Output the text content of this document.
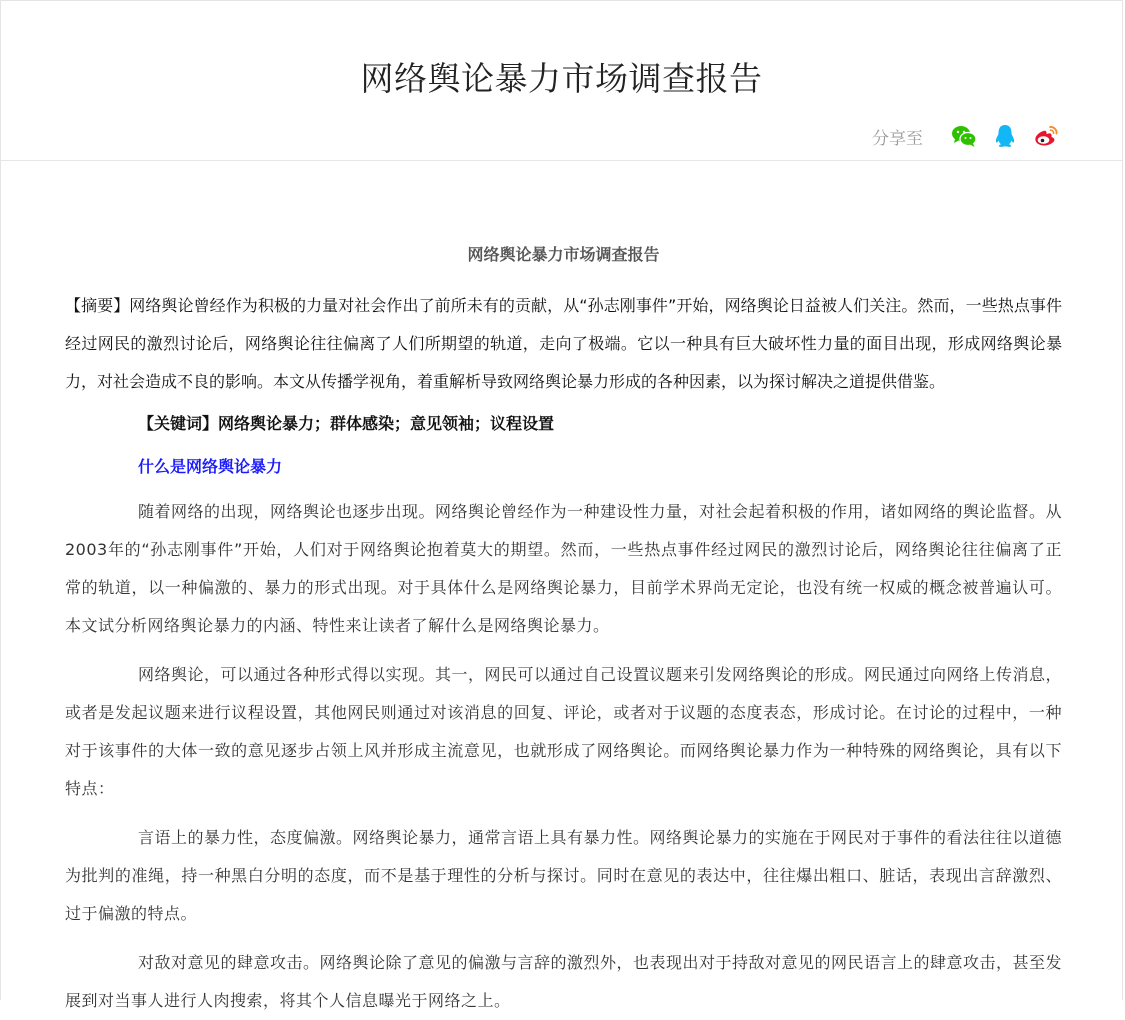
网络舆论暴力市场调查报告
分享至
网络舆论暴力市场调查报告

【摘要】网络舆论曾经作为积极的力量对社会作出了前所未有的贡献，从“孙志刚事件”开始，网络舆论日益被人们关注。然而，一些热点事件经过网民的激烈讨论后，网络舆论往往偏离了人们所期望的轨道，走向了极端。它以一种具有巨大破坏性力量的面目出现，形成网络舆论暴力，对社会造成不良的影响。本文从传播学视角，着重解析导致网络舆论暴力形成的各种因素，以为探讨解决之道提供借鉴。

【关键词】网络舆论暴力；群体感染；意见领袖；议程设置

什么是网络舆论暴力

随着网络的出现，网络舆论也逐步出现。网络舆论曾经作为一种建设性力量，对社会起着积极的作用，诸如网络的舆论监督。从2003年的“孙志刚事件”开始，人们对于网络舆论抱着莫大的期望。然而，一些热点事件经过网民的激烈讨论后，网络舆论往往偏离了正常的轨道，以一种偏激的、暴力的形式出现。对于具体什么是网络舆论暴力，目前学术界尚无定论，也没有统一权威的概念被普遍认可。本文试分析网络舆论暴力的内涵、特性来让读者了解什么是网络舆论暴力。

网络舆论，可以通过各种形式得以实现。其一，网民可以通过自己设置议题来引发网络舆论的形成。网民通过向网络上传消息，或者是发起议题来进行议程设置，其他网民则通过对该消息的回复、评论，或者对于议题的态度表态，形成讨论。在讨论的过程中，一种对于该事件的大体一致的意见逐步占领上风并形成主流意见，也就形成了网络舆论。而网络舆论暴力作为一种特殊的网络舆论，具有以下特点：

言语上的暴力性，态度偏激。网络舆论暴力，通常言语上具有暴力性。网络舆论暴力的实施在于网民对于事件的看法往往以道德为批判的准绳，持一种黑白分明的态度，而不是基于理性的分析与探讨。同时在意见的表达中，往往爆出粗口、脏话，表现出言辞激烈、过于偏激的特点。

对敌对意见的肆意攻击。网络舆论除了意见的偏激与言辞的激烈外，也表现出对于持敌对意见的网民语言上的肆意攻击，甚至发展到对当事人进行人肉搜索，将其个人信息曝光于网络之上。
